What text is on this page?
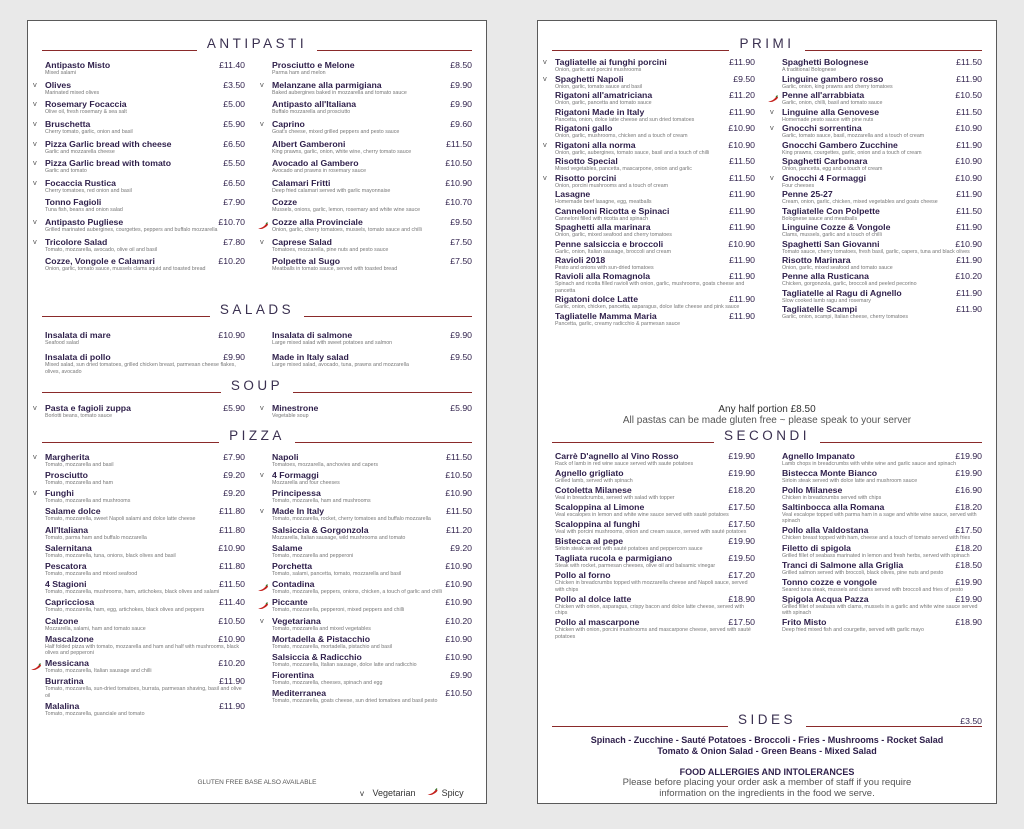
ANTIPASTI
Antipasto Misto	£11.40
Mixed salami
v Olives	£3.50
Marinated mixed olives
v Rosemary Focaccia	£5.00
Olive oil, fresh rosemary & sea salt
v Bruschetta	£5.90
Cherry tomato, garlic, onion and basil
v Pizza Garlic bread with cheese	£6.50
Garlic and mozzarella cheese
v Pizza Garlic bread with tomato	£5.50
Garlic and tomato
v Focaccia Rustica	£6.50
Cherry tomatoes, red onion and basil
Tonno Fagioli	£7.90
Tuna fish, beans and onion salad
v Antipasto Pugliese	£10.70
Grilled marinated aubergines, courgettes, peppers and buffalo mozzarella
v Tricolore Salad	£7.80
Tomato, mozzarella, avocado, olive oil and basil
Cozze, Vongole e Calamari	£10.20
Onion, garlic, tomato sauce, mussels clams squid and toasted bread
Prosciutto e Melone	£8.50
Parma ham and melon
v Melanzane alla parmigiana	£9.90
Baked aubergines baked in mozzarella and tomato sauce
Antipasto all'Italiana	£9.90
Buffalo mozzarella and prosciutto
v Caprino	£9.60
Goat's cheese, mixed grilled peppers and pesto sauce
Albert Gamberoni	£11.50
King prawns, garlic, onion, white wine, cherry tomato sauce
Avocado al Gambero	£10.50
Avocado and prawns in rosemary sauce
Calamari Fritti	£10.90
Deep fried calamari served with garlic mayonnaise
Cozze	£10.70
Mussels, onions, garlic, lemon, rosemary and white wine sauce
Cozze alla Provinciale	£9.50
Onion, garlic, cherry tomatoes, mussels, tomato sauce and chilli
v Caprese Salad	£7.50
Tomatoes, mozzarella, pine nuts and pesto sauce
Polpette al Sugo	£7.50
Meatballs in tomato sauce, served with toasted bread
SALADS
Insalata di mare	£10.90
Seafood salad
Insalata di pollo	£9.90
Mixed salad, sun dried tomatoes, grilled chicken breast, parmesan cheese flakes, olives, avocado
Insalata di salmone	£9.90
Large mixed salad with sweet potatoes and salmon
Made in Italy salad	£9.50
Large mixed salad, avocado, tuna, prawns and mozzarella
SOUP
v Pasta e fagioli zuppa	£5.90
Borlotti beans, tomato sauce
v Minestrone	£5.90
Vegetable soup
PIZZA
v Margherita	£7.90
Tomato, mozzarella and basil
Prosciutto	£9.20
Tomato, mozzarella and ham
v Funghi	£9.20
Tomato, mozzarella and mushrooms
Salame dolce	£11.80
Tomato, mozzarella, sweet Napoli salami and dolce latte cheese
All'Italiana	£11.80
Tomato, parma ham and buffalo mozzarella
Salernitana	£10.90
Tomato, mozzarella, tuna, onions, black olives and basil
Pescatora	£11.80
Tomato, mozzarella and mixed seafood
4 Stagioni	£11.50
Tomato, mozzarella, mushrooms, ham, artichokes, black olives and salami
Capricciosa	£11.40
Tomato, mozzarella, ham, egg, artichokes, black olives and peppers
Calzone	£10.50
Mozzarella, salami, ham and tomato sauce
Mascalzone	£10.90
Half folded pizza with tomato, mozzarella and ham and half with mushrooms, black olives and pepperoni
Messicana	£10.20
Tomato, mozzarella, Italian sausage and chilli
Burratina	£11.90
Tomato, mozzarella, sun-dried tomatoes, burrata, parmesan shaving, basil and olive oil
Malalina	£11.90
Tomato, mozzarella, guanciale and tomato
Napoli	£11.50
Tomatoes, mozzarella, anchovies and capers
v 4 Formaggi	£10.50
Mozzarella and four cheeses
Principessa	£10.90
Tomato, mozzarella, ham and mushrooms
v Made In Italy	£11.50
Tomato, mozzarella, rocket, cherry tomatoes and buffalo mozzarella
Salsiccia & Gorgonzola	£11.20
Mozzarella, Italian sausage, wild mushrooms and tomato
Salame	£9.20
Tomato, mozzarella and pepperoni
Porchetta	£10.90
Tomato, salami, pancetta, tomato, mozzarella and basil
Contadina	£10.90
Tomato, mozzarella, peppers, onions, chicken, a touch of garlic and chilli
Piccante	£10.90
Tomato, mozzarella, pepperoni, mixed peppers and chilli
v Vegetariana	£10.20
Tomato, mozzarella and mixed vegetables
Mortadella & Pistacchio	£10.90
Tomato, mozzarella, mortadella, pistachio and basil
Salsiccia & Radicchio	£10.90
Tomato, mozzarella, Italian sausage, dolce latte and radicchio
Fiorentina	£9.90
Tomato, mozzarella, cheeses, spinach and egg
Mediterranea	£10.50
Tomato, mozzarella, goats cheese, sun dried tomatoes and basil pesto
GLUTEN FREE BASE ALSO AVAILABLE
v Vegetarian	Spicy
PRIMI
v Tagliatelle ai funghi porcini	£11.90
Onion, garlic and porcini mushrooms
v Spaghetti Napoli	£9.50
Onion, garlic, tomato sauce and basil
Rigatoni all'amatriciana	£11.20
Onion, garlic, pancetta and tomato sauce
Rigatoni Made in Italy	£11.90
Pancetta, onion, dolce latte cheese and sun dried tomatoes
Rigatoni gallo	£10.90
Onion, garlic, mushrooms, chicken and a touch of cream
v Rigatoni alla norma	£10.90
Onion, garlic, aubergines, tomato sauce, basil and a touch of chilli
Risotto Special	£11.50
Mixed vegetables, pancetta, mascarpone, onion and garlic
v Risotto porcini	£11.50
Onion, porcini mushrooms and a touch of cream
Lasagne	£11.90
Homemade beef lasagne, egg, meatballs
Canneloni Ricotta e Spinaci	£11.90
Canneloni filled with ricotta and spinach
Spaghetti alla marinara	£11.90
Onion, garlic, mixed seafood and cherry tomatoes
Penne salsiccia e broccoli	£10.90
Garlic, onion, Italian sausage, broccoli and cream
Ravioli 2018	£11.90
Pesto and onions with sun-dried tomatoes
Ravioli alla Romagnola	£11.90
Spinach and ricotta filled ravioli with onion, garlic, mushrooms, goats cheese and pancetta
Rigatoni dolce Latte	£11.90
Garlic, onion, chicken, pancetta, asparagus, dolce latte cheese and pink sauce
Tagliatelle Mamma Maria	£11.90
Pancetta, garlic, creamy radicchio & parmesan sauce
Spaghetti Bolognese	£11.50
A traditional Bolognese
Linguine gambero rosso	£11.90
Garlic, onion, king prawns and cherry tomatoes
Penne all'arrabbiata	£10.50
Garlic, onion, chilli, basil and tomato sauce
v Linguine alla Genovese	£11.50
Homemade pesto sauce with pine nuts
v Gnocchi sorrentina	£10.90
Garlic, tomato sauce, basil, mozzarella and a touch of cream
Gnocchi Gambero Zucchine	£11.90
King prawns, courgettes, garlic, onion and a touch of cream
Spaghetti Carbonara	£10.90
Onion, pancetta, egg and a touch of cream
v Gnocchi 4 Formaggi	£10.90
Four cheeses
Penne 25-27	£11.90
Cream, onion, garlic, chicken, mixed vegetables and goats cheese
Tagliatelle Con Polpette	£11.50
Bolognese sauce and meatballs
Linguine Cozze & Vongole	£11.90
Clams, mussels, garlic and a touch of chilli
Spaghetti San Giovanni	£10.90
Tomato sauce, cherry tomatoes, fresh basil, garlic, capers, tuna and black olives
Risotto Marinara	£11.90
Onion, garlic, mixed seafood and tomato sauce
Penne alla Rusticana	£10.20
Chicken, gorgonzola, garlic, broccoli and peeled pecorino
Tagliatelle al Ragu di Agnello	£11.90
Slow cooked lamb ragu and rosemary
Tagliatelle Scampi	£11.90
Garlic, onion, scampi, Italian cheese, cherry tomatoes
Any half portion £8.50
All pastas can be made gluten free ~ please speak to your server
SECONDI
Carrè D'agnello al Vino Rosso	£19.90
Rack of lamb in red wine sauce served with saute potatoes
Agnello grigliato	£19.90
Grilled lamb, served with spinach
Cotoletta Milanese	£18.20
Veal in breadcrumbs, served with salad with topper
Scaloppina al Limone	£17.50
Veal escalopes in lemon and white wine sauce served with sauté potatoes
Scaloppina al funghi	£17.50
Veal with porcini mushrooms, onion and cream sauce, served with sauté potatoes
Bistecca al pepe	£19.90
Sirloin steak served with sauté potatoes and peppercorn sauce
Tagliata rucola e parmigiano	£19.50
Steak with rocket, parmesan cheeses, olive oil and balsamic vinegar
Pollo al forno	£17.20
Chicken in breadcrumbs topped with mozzarella cheese and Napoli sauce, served with chips
Pollo al dolce latte	£18.90
Chicken with onion, asparagus, crispy bacon and dolce latte cheese, served with chips
Pollo al mascarpone	£17.50
Chicken with onion, porcini mushrooms and mascarpone cheese, served with sauté potatoes
Agnello Impanato	£19.90
Lamb chops in breadcrumbs with white wine and garlic sauce and spinach
Bistecca Monte Bianco	£19.90
Sirloin steak served with dolce latte and mushroom sauce
Pollo Milanese	£16.90
Chicken in breadcrumbs served with chips
Saltinbocca alla Romana	£18.20
Veal escalope topped with parma ham in a sage and white wine sauce, served with spinach
Pollo alla Valdostana	£17.50
Chicken breast topped with ham, cheese and a touch of tomato served with fries
Filetto di spigola	£18.20
Grilled fillet of seabass marinated in lemon and fresh herbs, served with spinach
Tranci di Salmone alla Griglia	£18.50
Grilled salmon served with broccoli, black olives, pine nuts and pesto
Tonno cozze e vongole	£19.90
Seared tuna steak, mussels and clams served with broccoli and fries of pesto
Spigola Acqua Pazza	£19.90
Grilled fillet of seabass with clams, mussels in a garlic and white wine sauce served with spinach
Frito Misto	£18.90
Deep fried mixed fish and courgette, served with garlic mayo
SIDES	£3.50
Spinach - Zucchine - Sauté Potatoes - Broccoli - Fries - Mushrooms - Rocket Salad
Tomato & Onion Salad - Green Beans - Mixed Salad
FOOD ALLERGIES AND INTOLERANCES
Please before placing your order ask a member of staff if you require
information on the ingredients in the food we serve.
